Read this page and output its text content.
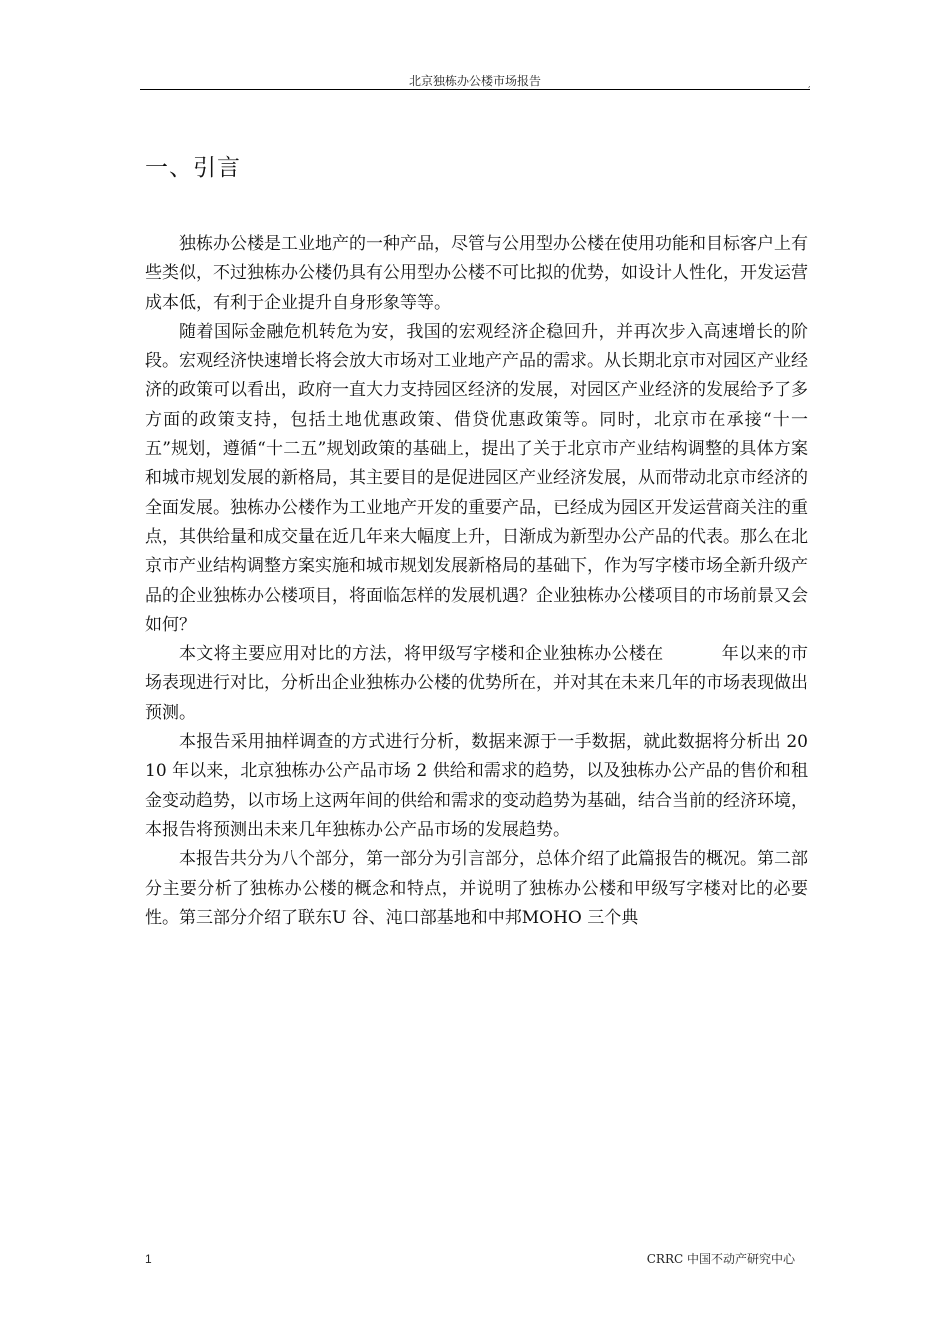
北京独栋办公楼市场报告	,
一、引言

独栋办公楼是工业地产的一种产品，尽管与公用型办公楼在使用功能和目标客户上有些类似，不过独栋办公楼仍具有公用型办公楼不可比拟的优势，如设计人性化，开发运营成本低，有利于企业提升自身形象等等。

随着国际金融危机转危为安，我国的宏观经济企稳回升，并再次步入高速增长的阶段。宏观经济快速增长将会放大市场对工业地产产品的需求。从长期北京市对园区产业经济的政策可以看出，政府一直大力支持园区经济的发展，对园区产业经济的发展给予了多方面的政策支持，包括土地优惠政策、借贷优惠政策等。同时，北京市在承接“十一五”规划，遵循“十二五”规划政策的基础上，提出了关于北京市产业结构调整的具体方案和城市规划发展的新格局，其主要目的是促进园区产业经济发展，从而带动北京市经济的全面发展。独栋办公楼作为工业地产开发的重要产品，已经成为园区开发运营商关注的重点，其供给量和成交量在近几年来大幅度上升，日渐成为新型办公产品的代表。那么在北京市产业结构调整方案实施和城市规划发展新格局的基础下，作为写字楼市场全新升级产品的企业独栋办公楼项目，将面临怎样的发展机遇？企业独栋办公楼项目的市场前景又会如何？

本文将主要应用对比的方法，将甲级写字楼和企业独栋办公楼在	年以来的市场表现进行对比，分析出企业独栋办公楼的优势所在，并对其在未来几年的市场表现做出预测。

本报告采用抽样调查的方式进行分析，数据来源于一手数据，就此数据将分析出 2010 年以来，北京独栋办公产品市场 2 供给和需求的趋势，以及独栋办公产品的售价和租金变动趋势，以市场上这两年间的供给和需求的变动趋势为基础，结合当前的经济环境，本报告将预测出未来几年独栋办公产品市场的发展趋势。

本报告共分为八个部分，第一部分为引言部分，总体介绍了此篇报告的概况。第二部分主要分析了独栋办公楼的概念和特点，并说明了独栋办公楼和甲级写字楼对比的必要性。第三部分介绍了联东U 谷、沌口部基地和中邦MOHO 三个典

1	CRRC 中国不动产研究中心
